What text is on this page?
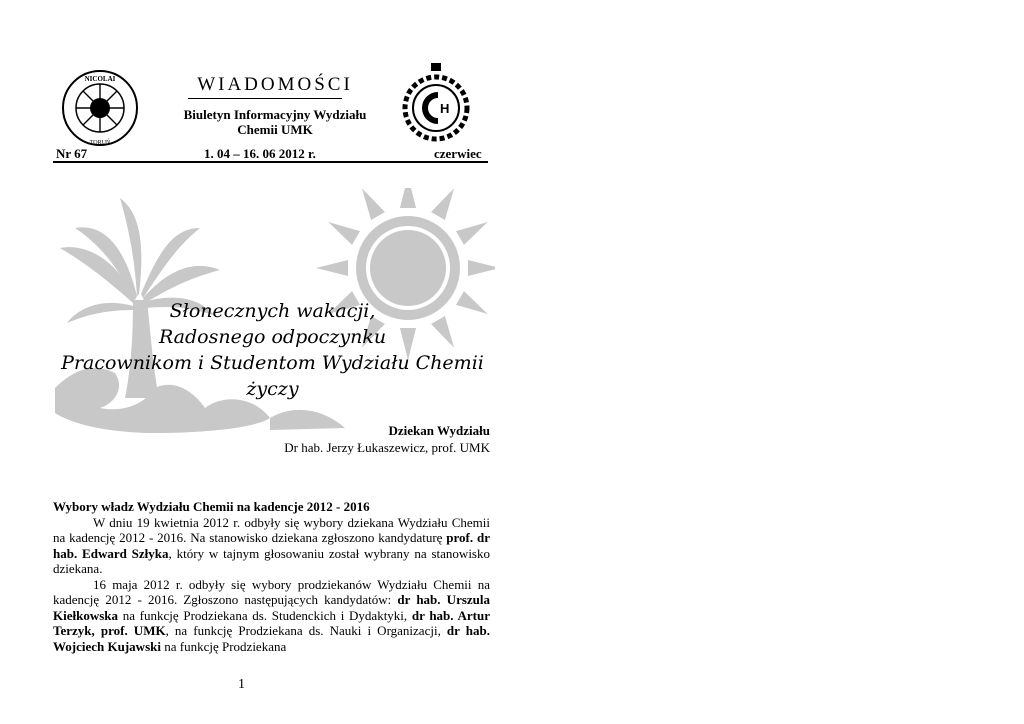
NICOLAI
TORUŃ
H
WIADOMOŚCI
Biuletyn Informacyjny Wydziału
Chemii UMK
Nr 67	1. 04 – 16. 06 2012 r.	czerwiec
Słonecznych wakacji,
Radosnego odpoczynku
Pracownikom i Studentom Wydziału Chemii
życzy
Dziekan Wydziału
Dr hab. Jerzy Łukaszewicz, prof. UMK
Wybory władz Wydziału Chemii na kadencje 2012 - 2016

W dniu 19 kwietnia 2012 r. odbyły się wybory dziekana Wydziału Chemii na kadencję 2012 - 2016. Na stanowisko dziekana zgłoszono kandydaturę prof. dr hab. Edward Szłyka, który w tajnym głosowaniu został wybrany na stanowisko dziekana.

16 maja 2012 r. odbyły się wybory prodziekanów Wydziału Chemii na kadencję 2012 - 2016. Zgłoszono następujących kandydatów: dr hab. Urszula Kiełkowska na funkcję Prodziekana ds. Studenckich i Dydaktyki, dr hab. Artur Terzyk, prof. UMK, na funkcję Prodziekana ds. Nauki i Organizacji, dr hab. Wojciech Kujawski na funkcję Prodziekana

1
